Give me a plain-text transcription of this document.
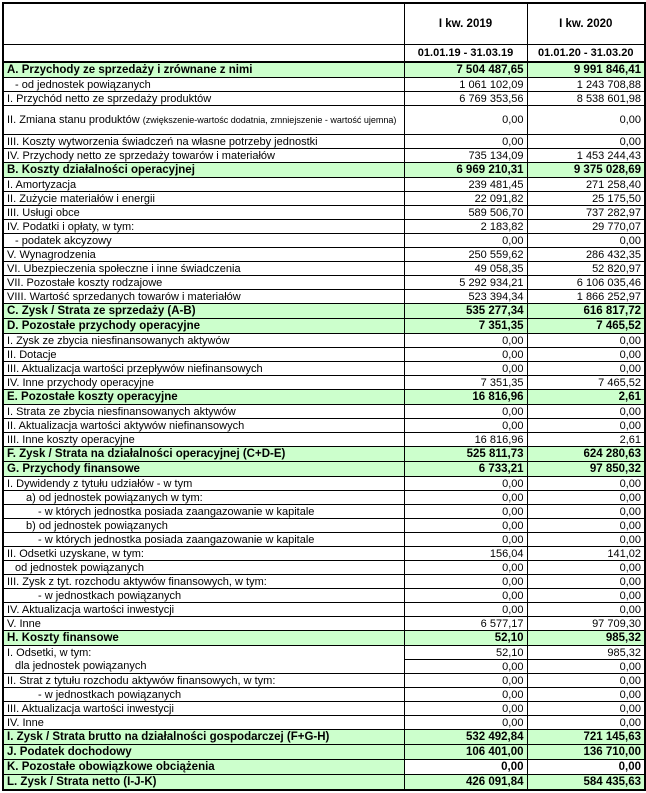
	I kw. 2019	I kw. 2020
	01.01.19 - 31.03.19	01.01.20 - 31.03.20
A. Przychody ze sprzedaży i zrównane z nimi	7 504 487,65	9 991 846,41
- od jednostek powiązanych	1 061 102,09	1 243 708,88
I. Przychód netto ze sprzedaży produktów	6 769 353,56	8 538 601,98
II. Zmiana stanu produktów (zwiększenie-wartośc dodatnia, zmniejszenie - wartość ujemna)	0,00	0,00
III. Koszty wytworzenia świadczeń na własne potrzeby jednostki	0,00	0,00
IV. Przychody netto ze sprzedaży towarów i materiałów	735 134,09	1 453 244,43
B. Koszty działalności operacyjnej	6 969 210,31	9 375 028,69
I. Amortyzacja	239 481,45	271 258,40
II. Zużycie materiałów i energii	22 091,82	25 175,50
III. Usługi obce	589 506,70	737 282,97
IV. Podatki i opłaty, w tym:	2 183,82	29 770,07
- podatek akcyzowy	0,00	0,00
V. Wynagrodzenia	250 559,62	286 432,35
VI. Ubezpieczenia społeczne i inne świadczenia	49 058,35	52 820,97
VII. Pozostałe koszty rodzajowe	5 292 934,21	6 106 035,46
VIII. Wartość sprzedanych towarów i materiałów	523 394,34	1 866 252,97
C. Zysk / Strata ze sprzedaży (A-B)	535 277,34	616 817,72
D. Pozostałe przychody operacyjne	7 351,35	7 465,52
I. Zysk ze zbycia niesfinansowanych aktywów	0,00	0,00
II. Dotacje	0,00	0,00
III. Aktualizacja wartości przepływów niefinansowych	0,00	0,00
IV. Inne przychody operacyjne	7 351,35	7 465,52
E. Pozostałe koszty operacyjne	16 816,96	2,61
I. Strata ze zbycia niesfinansowanych aktywów	0,00	0,00
II. Aktualizacja wartości aktywów niefinansowych	0,00	0,00
III. Inne koszty operacyjne	16 816,96	2,61
F. Zysk / Strata na działalności operacyjnej (C+D-E)	525 811,73	624 280,63
G. Przychody finansowe	6 733,21	97 850,32
I. Dywidendy z tytułu udziałów - w tym	0,00	0,00
a) od jednostek powiązanych w tym:	0,00	0,00
- w których jednostka posiada zaangazowanie w kapitale	0,00	0,00
b) od jednostek powiązanych	0,00	0,00
- w których jednostka posiada zaangazowanie w kapitale	0,00	0,00
II. Odsetki uzyskane, w tym:	156,04	141,02
od jednostek powiązanych	0,00	0,00
III. Zysk z tyt. rozchodu aktywów finansowych, w tym:	0,00	0,00
- w jednostkach powiązanych	0,00	0,00
IV. Aktualizacja wartości inwestycji	0,00	0,00
V. Inne	6 577,17	97 709,30
H. Koszty finansowe	52,10	985,32
I. Odsetki, w tym:	52,10	985,32
dla jednostek powiązanych	0,00	0,00
II. Strat z tytułu rozchodu aktywów finansowych, w tym:	0,00	0,00
- w jednostkach powiązanych	0,00	0,00
III. Aktualizacja wartości inwestycji	0,00	0,00
IV. Inne	0,00	0,00
I. Zysk / Strata brutto na działalności gospodarczej (F+G-H)	532 492,84	721 145,63
J. Podatek dochodowy	106 401,00	136 710,00
K. Pozostałe obowiązkowe obciążenia	0,00	0,00
L. Zysk / Strata netto (I-J-K)	426 091,84	584 435,63
